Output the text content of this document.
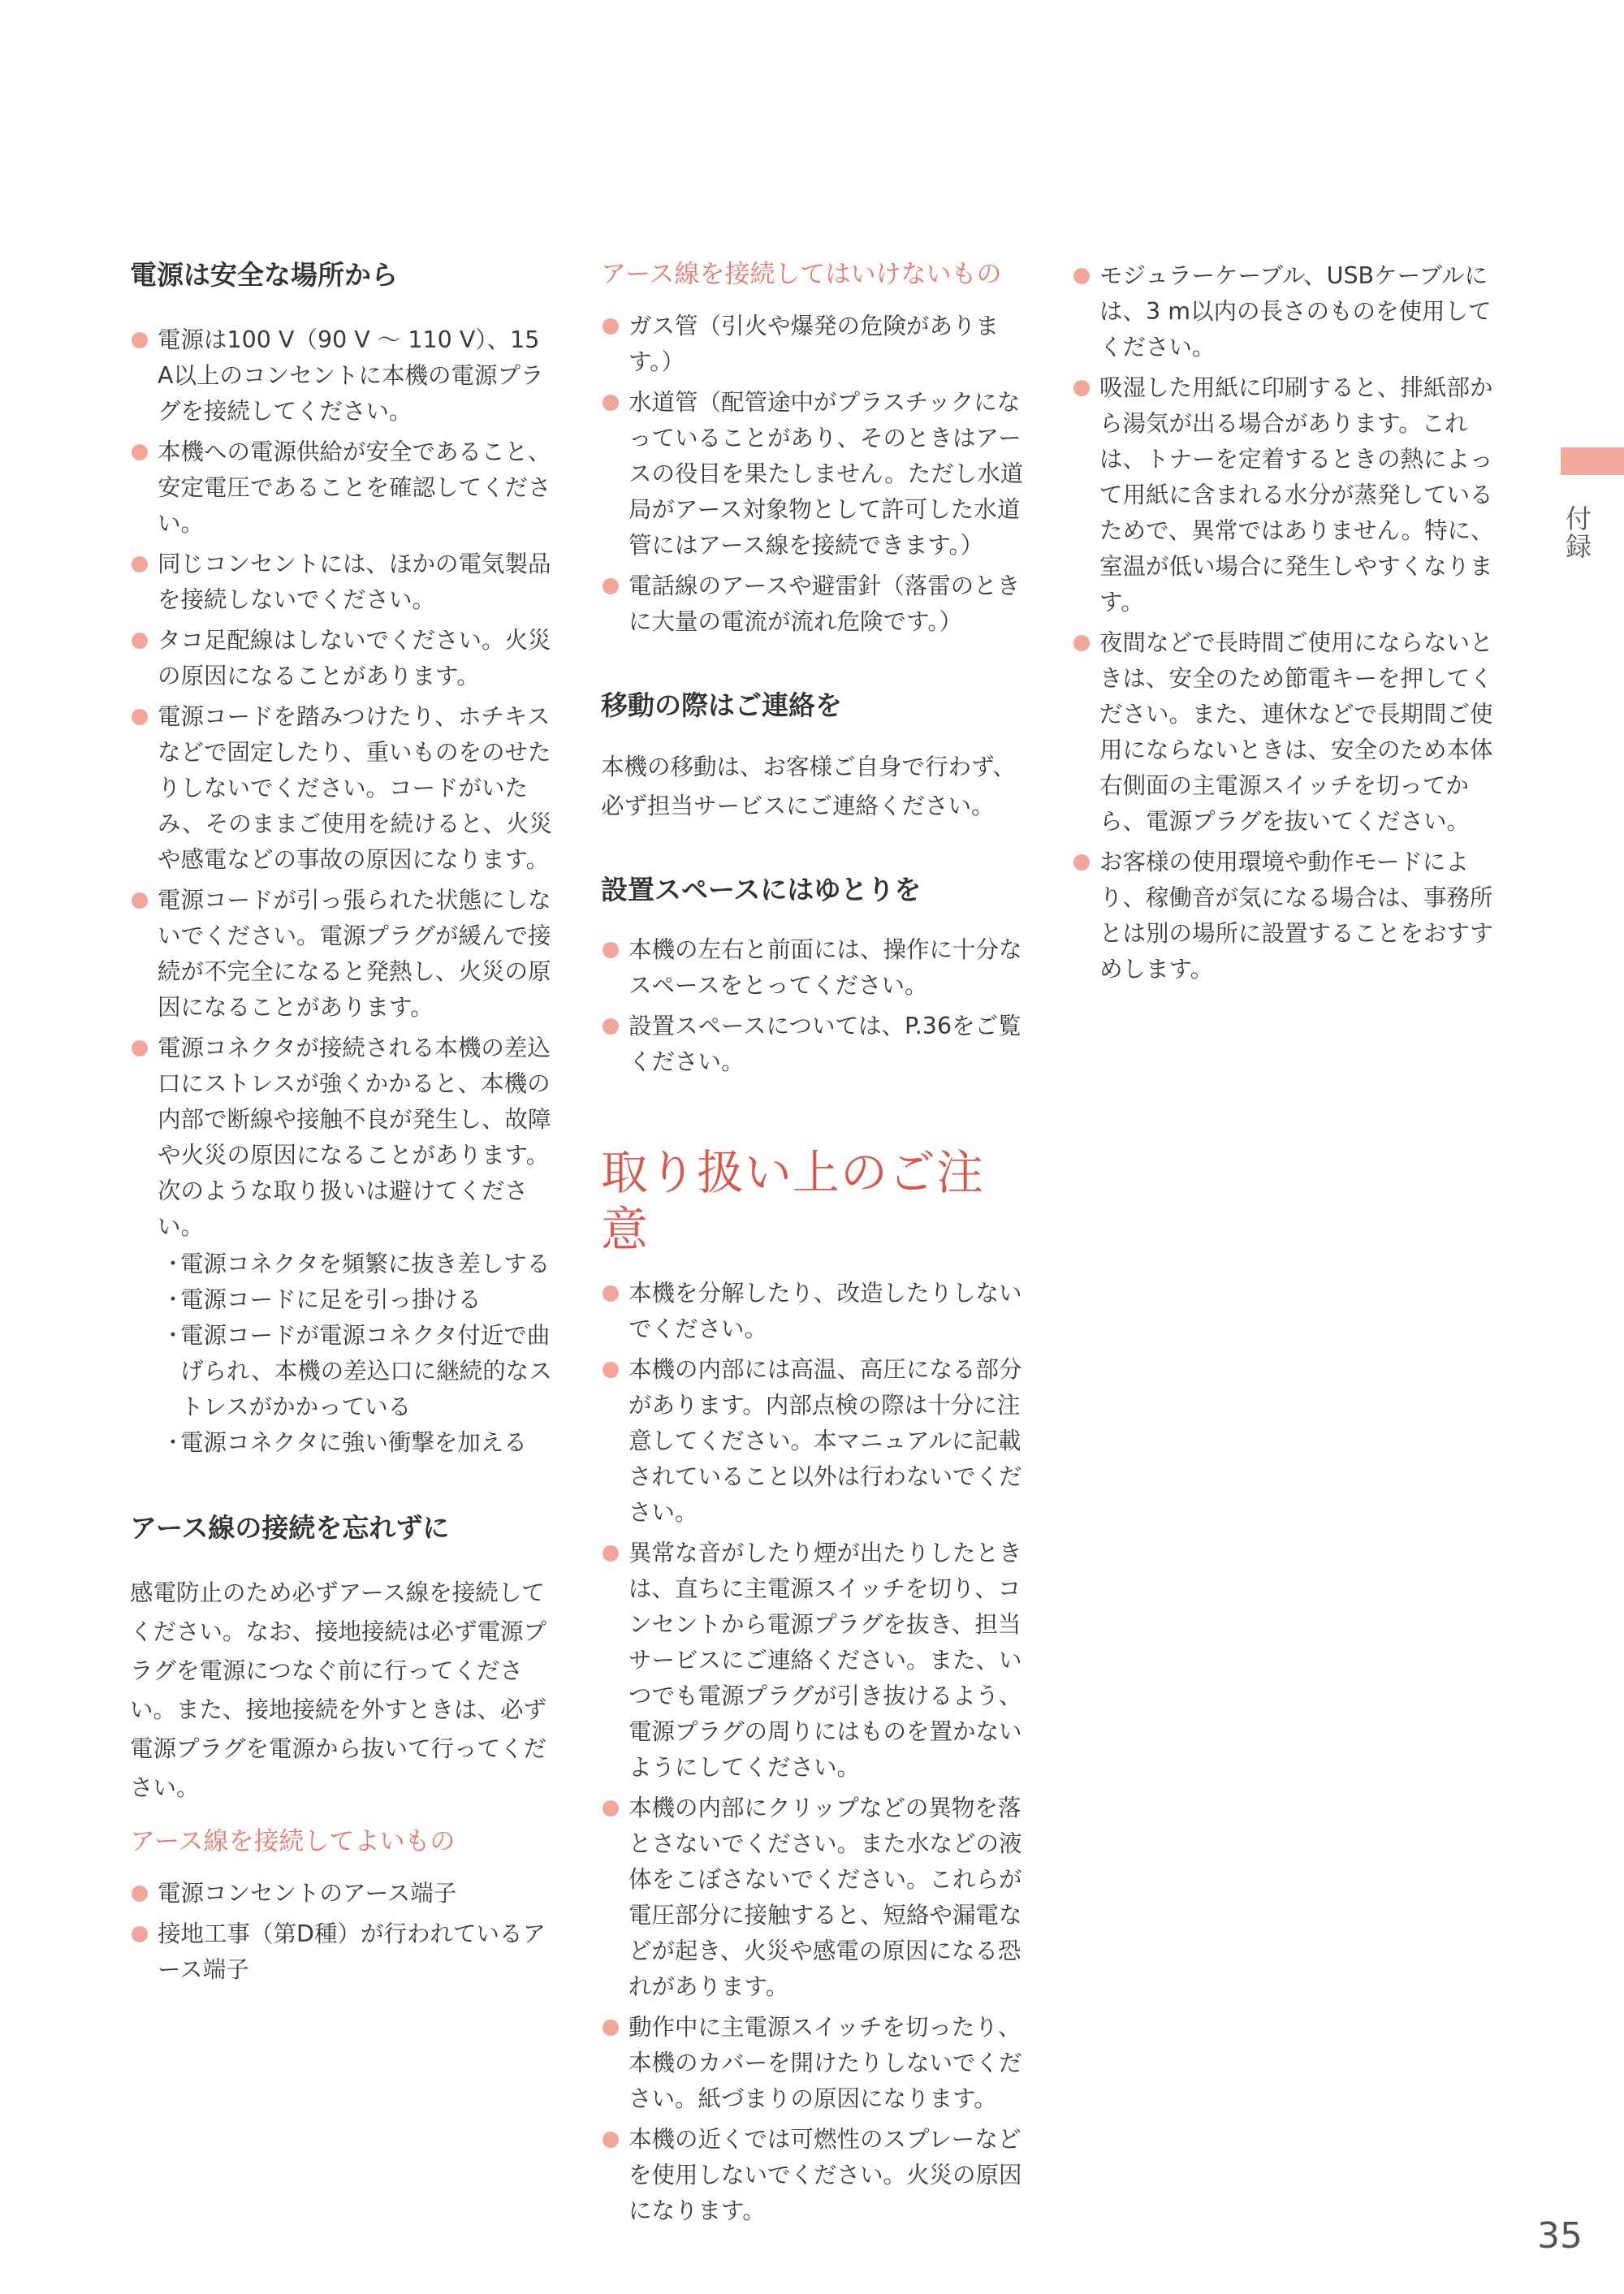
電源は安全な場所から
電源は100 V（90 V 〜 110 V）、15 A以上のコンセントに本機の電源プラグを接続してください。
本機への電源供給が安全であること、安定電圧であることを確認してください。
同じコンセントには、ほかの電気製品を接続しないでください。
タコ足配線はしないでください。火災の原因になることがあります。
電源コードを踏みつけたり、ホチキスなどで固定したり、重いものをのせたりしないでください。コードがいたみ、そのままご使用を続けると、火災や感電などの事故の原因になります。
電源コードが引っ張られた状態にしないでください。電源プラグが緩んで接続が不完全になると発熱し、火災の原因になることがあります。
電源コネクタが接続される本機の差込口にストレスが強くかかると、本機の内部で断線や接触不良が発生し、故障や火災の原因になることがあります。次のような取り扱いは避けてください。
・
電源コネクタを頻繁に抜き差しする
・
電源コードに足を引っ掛ける
・
電源コードが電源コネクタ付近で曲げられ、本機の差込口に継続的なストレスがかかっている
・
電源コネクタに強い衝撃を加える
アース線の接続を忘れずに

感電防止のため必ずアース線を接続してください。なお、接地接続は必ず電源プラグを電源につなぐ前に行ってください。また、接地接続を外すときは、必ず電源プラグを電源から抜いて行ってください。

アース線を接続してよいもの
電源コンセントのアース端子
接地工事（第D種）が行われているアース端子
アース線を接続してはいけないもの
ガス管（引火や爆発の危険があります。）
水道管（配管途中がプラスチックになっていることがあり、そのときはアースの役目を果たしません。ただし水道局がアース対象物として許可した水道管にはアース線を接続できます。）
電話線のアースや避雷針（落雷のときに大量の電流が流れ危険です。）
移動の際はご連絡を

本機の移動は、お客様ご自身で行わず、必ず担当サービスにご連絡ください。

設置スペースにはゆとりを
本機の左右と前面には、操作に十分なスペースをとってください。
設置スペースについては、P.36をご覧ください。
取り扱い上のご注意
本機を分解したり、改造したりしないでください。
本機の内部には高温、高圧になる部分があります。内部点検の際は十分に注意してください。本マニュアルに記載されていること以外は行わないでください。
異常な音がしたり煙が出たりしたときは、直ちに主電源スイッチを切り、コンセントから電源プラグを抜き、担当サービスにご連絡ください。また、いつでも電源プラグが引き抜けるよう、電源プラグの周りにはものを置かないようにしてください。
本機の内部にクリップなどの異物を落とさないでください。また水などの液体をこぼさないでください。これらが電圧部分に接触すると、短絡や漏電などが起き、火災や感電の原因になる恐れがあります。
動作中に主電源スイッチを切ったり、本機のカバーを開けたりしないでください。紙づまりの原因になります。
本機の近くでは可燃性のスプレーなどを使用しないでください。火災の原因になります。
モジュラーケーブル、USBケーブルには、3 m以内の長さのものを使用してください。
吸湿した用紙に印刷すると、排紙部から湯気が出る場合があります。これは、トナーを定着するときの熱によって用紙に含まれる水分が蒸発しているためで、異常ではありません。特に、室温が低い場合に発生しやすくなります。
夜間などで長時間ご使用にならないときは、安全のため節電キーを押してください。また、連休などで長期間ご使用にならないときは、安全のため本体右側面の主電源スイッチを切ってから、電源プラグを抜いてください。
お客様の使用環境や動作モードにより、稼働音が気になる場合は、事務所とは別の場所に設置することをおすすめします。
付録
35
